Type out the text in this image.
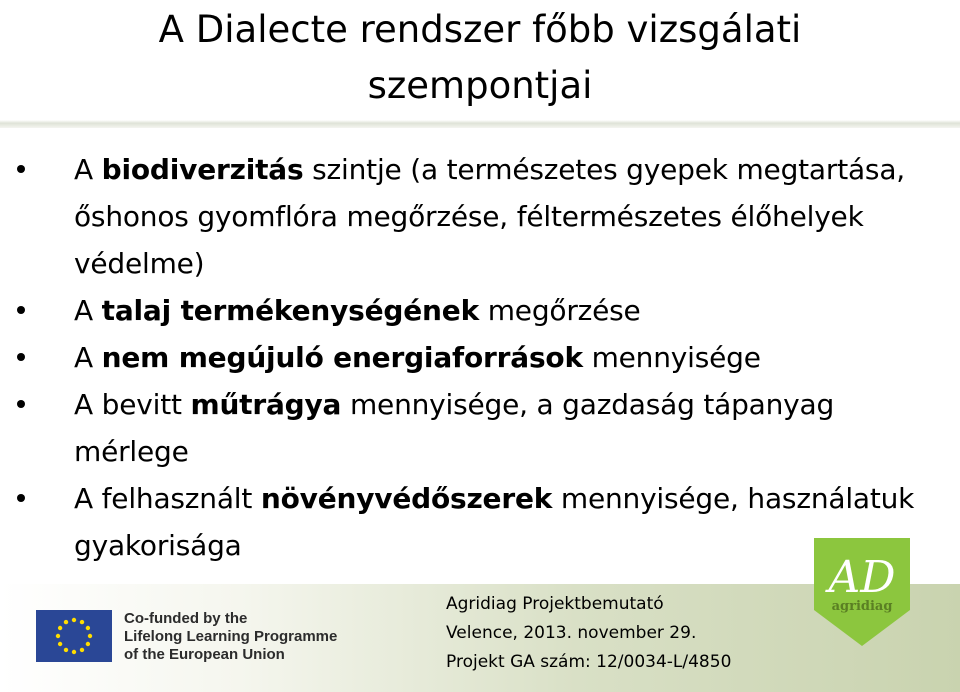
A Dialecte rendszer főbb vizsgálati
szempontjai
A biodiverzitás szintje (a természetes gyepek megtartása, őshonos gyomflóra megőrzése, féltermészetes élőhelyek védelme)
A talaj termékenységének megőrzése
A nem megújuló energiaforrások mennyisége
A bevitt műtrágya mennyisége, a gazdaság tápanyag mérlege
A felhasznált növényvédőszerek mennyisége, használatuk gyakorisága
Co-funded by the
Lifelong Learning Programme
of the European Union
Agridiag Projektbemutató
Velence, 2013. november 29.
Projekt GA szám: 12/0034-L/4850
AD
agridiag
